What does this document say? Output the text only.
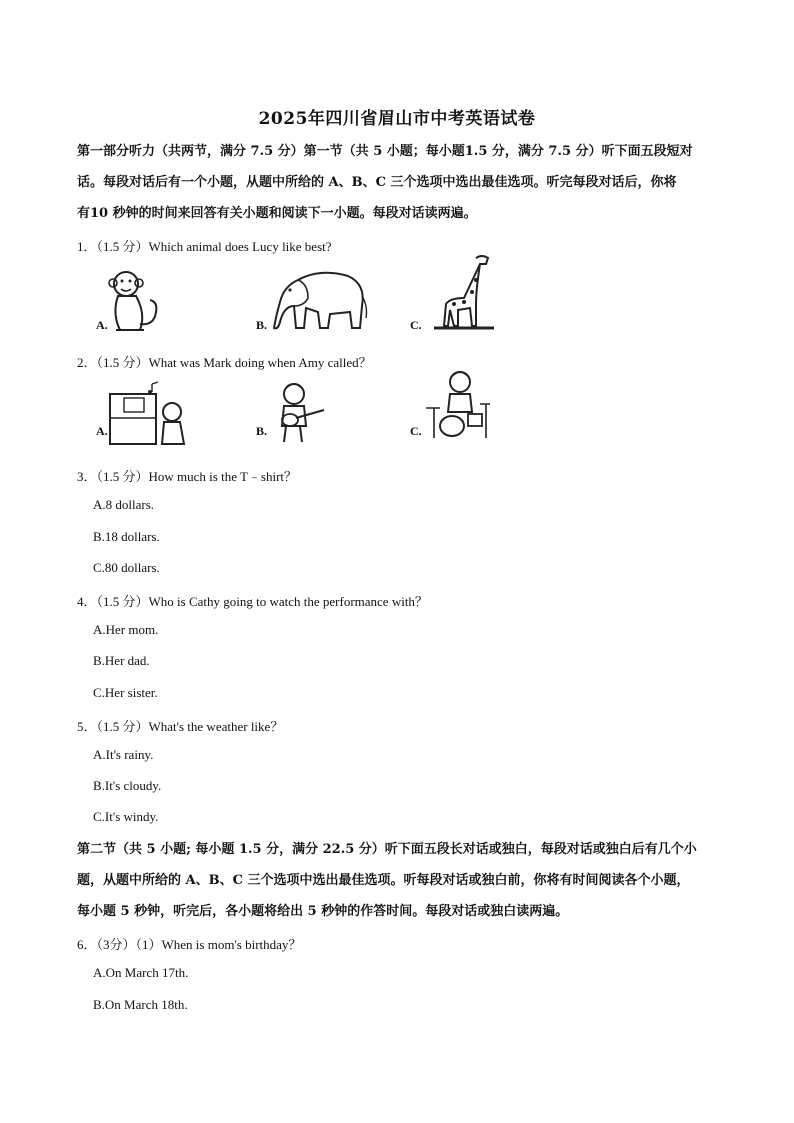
2025年四川省眉山市中考英语试卷
第一部分听力（共两节，满分 7.5 分）第一节（共 5 小题；每小题1.5 分，满分 7.5 分）听下面五段短对
话。每段对话后有一个小题，从题中所给的 A、B、C 三个选项中选出最佳选项。听完每段对话后，你将
有10 秒钟的时间来回答有关小题和阅读下一小题。每段对话读两遍。
1．（1.5 分）Which animal does Lucy like best?
A.	B.	C.
2．（1.5 分）What was Mark doing when Amy called？
A.	B.	C.
3．（1.5 分）How much is the T﹣shirt？
A.8 dollars.
B.18 dollars.
C.80 dollars.
4．（1.5 分）Who is Cathy going to watch the performance with？
A.Her mom.
B.Her dad.
C.Her sister.
5．（1.5 分）What's the weather like？
A.It's rainy.
B.It's cloudy.
C.It's windy.
第二节（共 5 小题; 每小题 1.5 分，满分 22.5 分）听下面五段长对话或独白，每段对话或独白后有几个小
题，从题中所给的 A、B、C 三个选项中选出最佳选项。听每段对话或独白前，你将有时间阅读各个小题，
每小题 5 秒钟，听完后，各小题将给出 5 秒钟的作答时间。每段对话或独白读两遍。
6．（3分）（1）When is mom's birthday？
A.On March 17th.
B.On March 18th.
